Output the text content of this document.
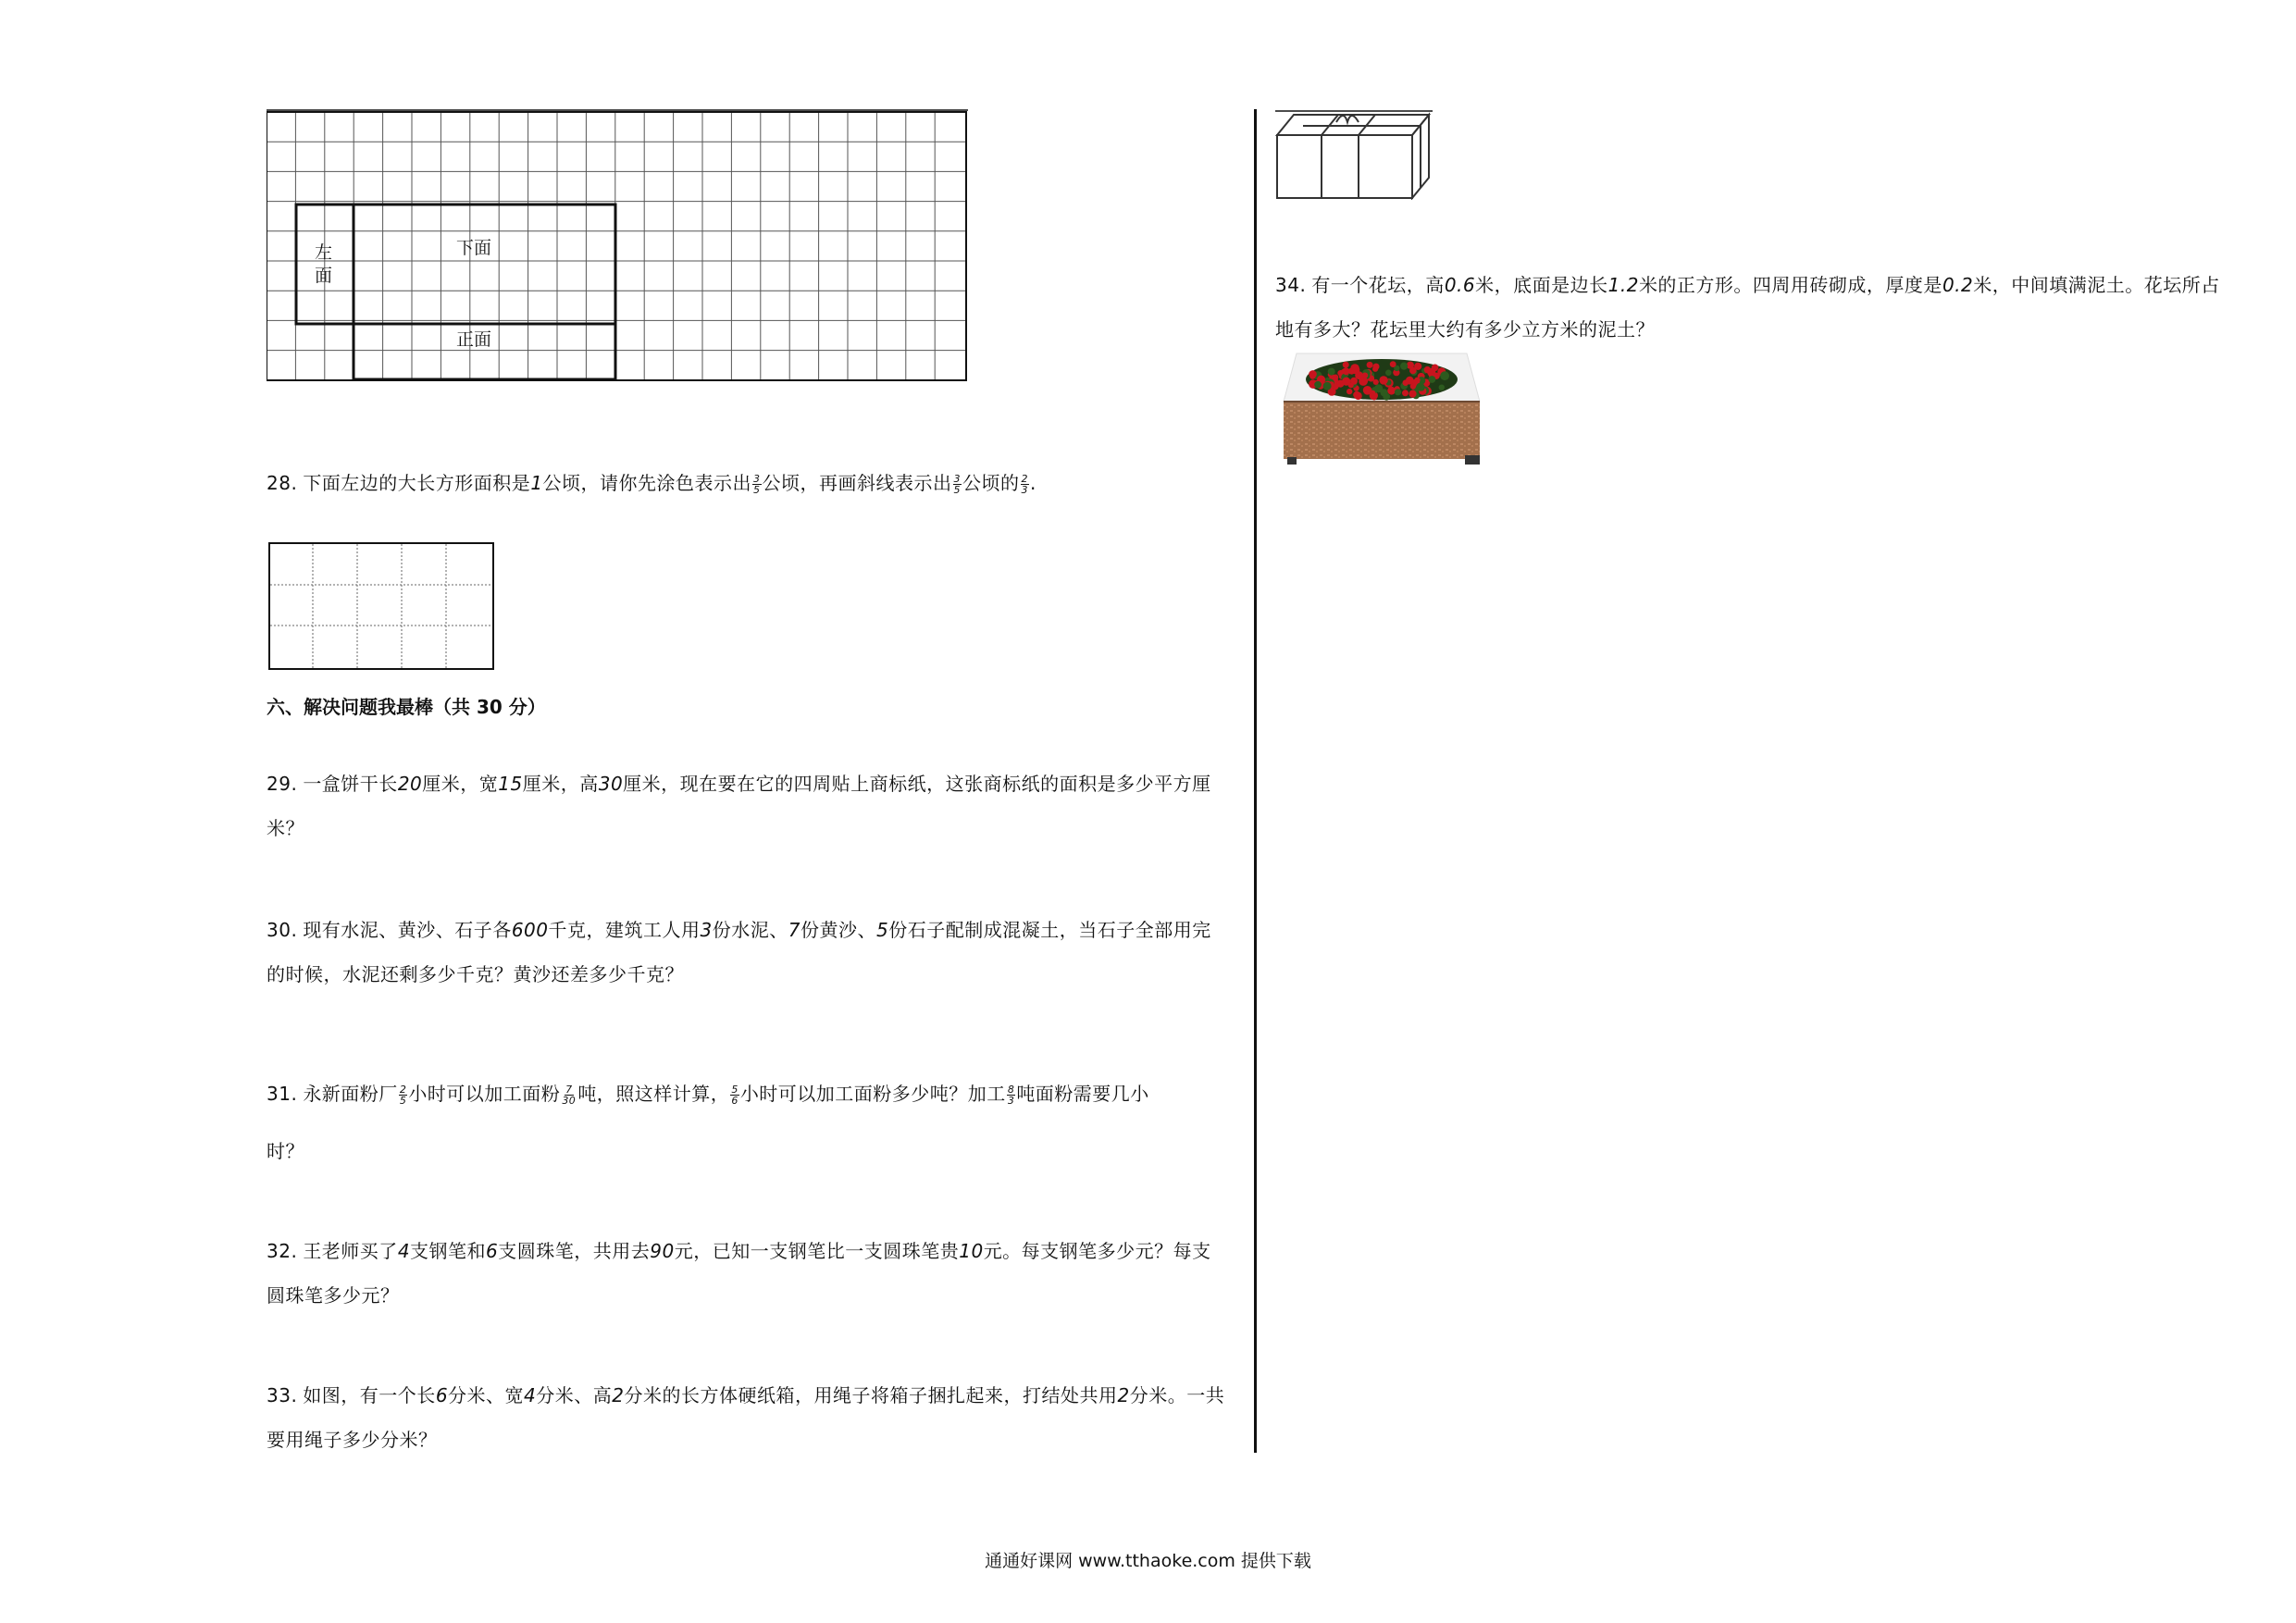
左
面
下面
正面
28. 下面左边的大长方形面积是1公顷，请你先涂色表示出 $\frac{3}{5}$ 公顷，再画斜线表示出 $\frac{3}{5}$ 公顷的 $\frac{2}{3}$ .
六、解决问题我最棒（共 30 分）
29. 一盒饼干长20厘米，宽15厘米，高30厘米，现在要在它的四周贴上商标纸，这张商标纸的面积是多少平方厘米？
30. 现有水泥、黄沙、石子各600千克，建筑工人用3份水泥、7份黄沙、5份石子配制成混凝土，当石子全部用完的时候，水泥还剩多少千克？黄沙还差多少千克？
31. 永新面粉厂 $\frac{2}{5}$ 小时可以加工面粉 $\frac{7}{30}$ 吨，照这样计算， $\frac{5}{6}$ 小时可以加工面粉多少吨？加工 $\frac{8}{3}$ 吨面粉需要几小
时？
32. 王老师买了4支钢笔和6支圆珠笔，共用去90元，已知一支钢笔比一支圆珠笔贵10元。每支钢笔多少元？每支圆珠笔多少元？
33. 如图，有一个长6分米、宽4分米、高2分米的长方体硬纸箱，用绳子将箱子捆扎起来，打结处共用2分米。一共要用绳子多少分米？
34. 有一个花坛，高0.6米，底面是边长1.2米的正方形。四周用砖砌成，厚度是0.2米，中间填满泥土。花坛所占地有多大？花坛里大约有多少立方米的泥土？
通通好课网 www.tthaoke.com 提供下载
